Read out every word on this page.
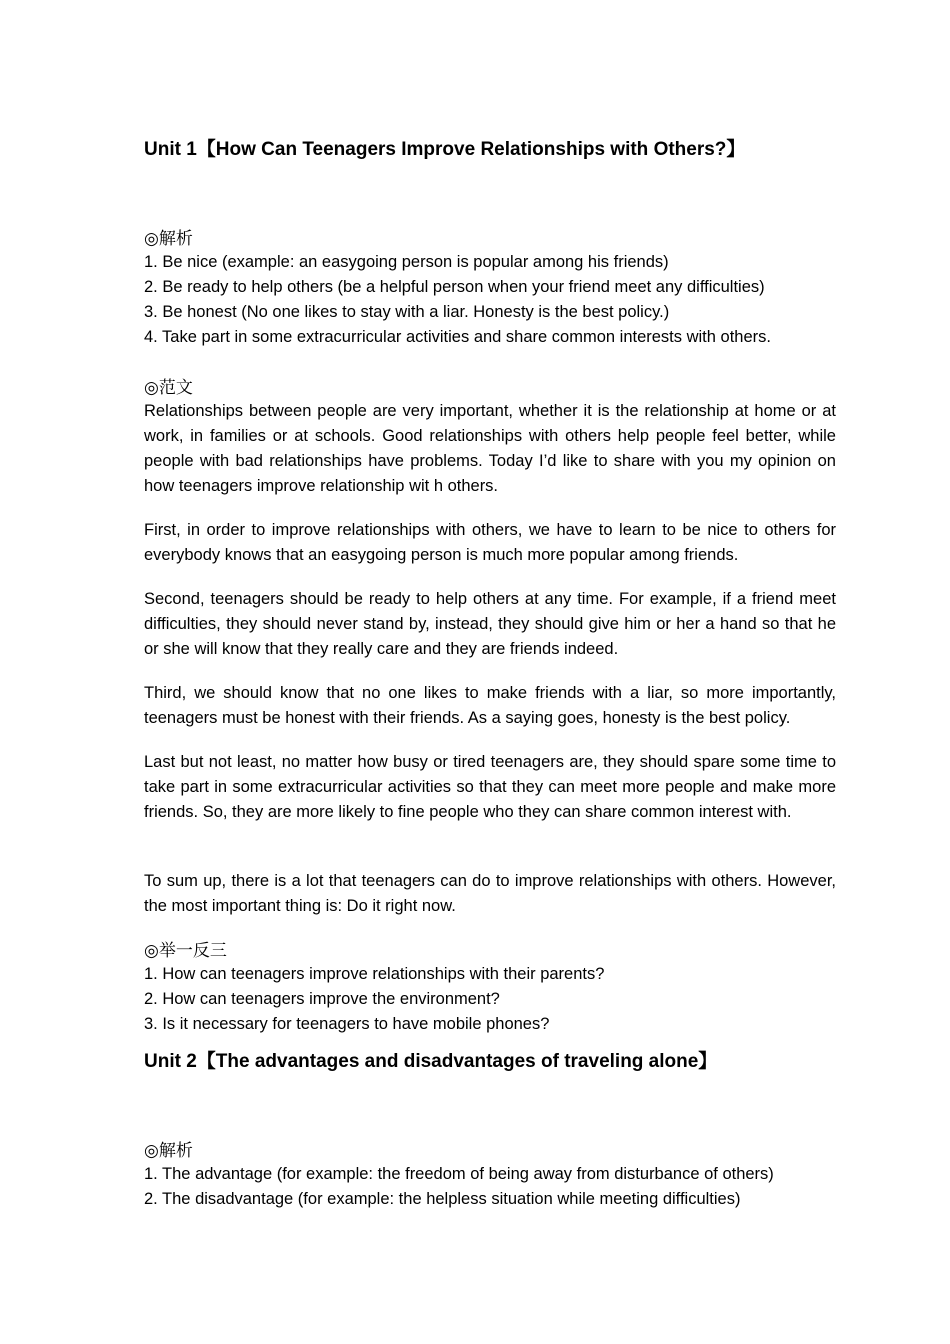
Unit 1【How Can Teenagers Improve Relationships with Others?】
◎解析
1. Be nice (example: an easygoing person is popular among his friends)
2. Be ready to help others (be a helpful person when your friend meet any difficulties)
3. Be honest (No one likes to stay with a liar. Honesty is the best policy.)
4. Take part in some extracurricular activities and share common interests with others.
◎范文

Relationships between people are very important, whether it is the relationship at home or at work, in families or at schools. Good relationships with others help people feel better, while people with bad relationships have problems. Today I’d like to share with you my opinion on how teenagers improve relationship wit h others.

First, in order to improve relationships with others, we have to learn to be nice to others for everybody knows that an easygoing person is much more popular among friends.

Second, teenagers should be ready to help others at any time. For example, if a friend meet difficulties, they should never stand by, instead, they should give him or her a hand so that he or she will know that they really care and they are friends indeed.

Third, we should know that no one likes to make friends with a liar, so more importantly, teenagers must be honest with their friends. As a saying goes, honesty is the best policy.

Last but not least, no matter how busy or tired teenagers are, they should spare some time to take part in some extracurricular activities so that they can meet more people and make more friends. So, they are more likely to fine people who they can share common interest with.

To sum up, there is a lot that teenagers can do to improve relationships with others. However, the most important thing is: Do it right now.

◎举一反三
1. How can teenagers improve relationships with their parents?
2. How can teenagers improve the environment?
3. Is it necessary for teenagers to have mobile phones?
Unit 2【The advantages and disadvantages of traveling alone】
◎解析
1. The advantage (for example: the freedom of being away from disturbance of others)
2. The disadvantage (for example: the helpless situation while meeting difficulties)
